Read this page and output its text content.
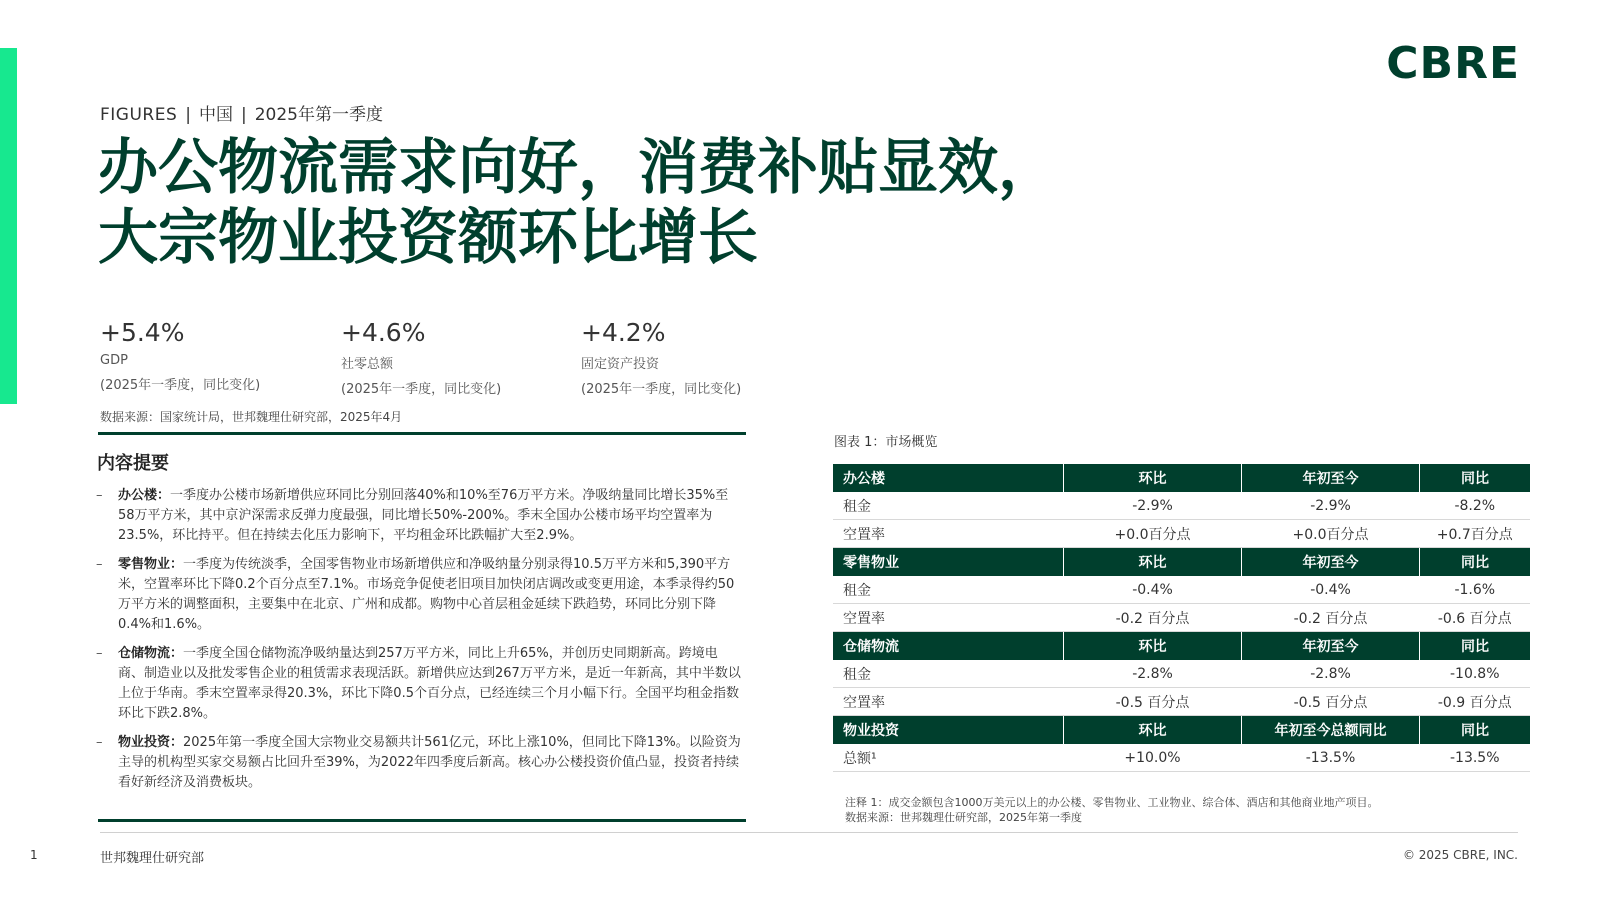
CBRE
FIGURES | 中国 | 2025年第一季度
办公物流需求向好，消费补贴显效，
大宗物业投资额环比增长
+5.4%
GDP
(2025年一季度，同比变化)
+4.6%
社零总额
(2025年一季度，同比变化)
+4.2%
固定资产投资
(2025年一季度，同比变化)
数据来源：国家统计局，世邦魏理仕研究部，2025年4月
内容提要
– 办公楼：一季度办公楼市场新增供应环同比分别回落40%和10%至76万平方米。净吸纳量同比增长35%至58万平方米，其中京沪深需求反弹力度最强，同比增长50%-200%。季末全国办公楼市场平均空置率为23.5%，环比持平。但在持续去化压力影响下，平均租金环比跌幅扩大至2.9%。
– 零售物业：一季度为传统淡季，全国零售物业市场新增供应和净吸纳量分别录得10.5万平方米和5,390平方米，空置率环比下降0.2个百分点至7.1%。市场竞争促使老旧项目加快闭店调改或变更用途，本季录得约50万平方米的调整面积，主要集中在北京、广州和成都。购物中心首层租金延续下跌趋势，环同比分别下降0.4%和1.6%。
– 仓储物流：一季度全国仓储物流净吸纳量达到257万平方米，同比上升65%，并创历史同期新高。跨境电商、制造业以及批发零售企业的租赁需求表现活跃。新增供应达到267万平方米，是近一年新高，其中半数以上位于华南。季末空置率录得20.3%，环比下降0.5个百分点，已经连续三个月小幅下行。全国平均租金指数环比下跌2.8%。
– 物业投资：2025年第一季度全国大宗物业交易额共计561亿元，环比上涨10%，但同比下降13%。以险资为主导的机构型买家交易额占比回升至39%，为2022年四季度后新高。核心办公楼投资价值凸显，投资者持续看好新经济及消费板块。
图表 1：市场概览
办公楼	环比	年初至今	同比
租金	-2.9%	-2.9%	-8.2%
空置率	+0.0百分点	+0.0百分点	+0.7百分点
零售物业	环比	年初至今	同比
租金	-0.4%	-0.4%	-1.6%
空置率	-0.2 百分点	-0.2 百分点	-0.6 百分点
仓储物流	环比	年初至今	同比
租金	-2.8%	-2.8%	-10.8%
空置率	-0.5 百分点	-0.5 百分点	-0.9 百分点
物业投资	环比	年初至今总额同比	同比
总额¹	+10.0%	-13.5%	-13.5%
注释 1：成交金额包含1000万美元以上的办公楼、零售物业、工业物业、综合体、酒店和其他商业地产项目。
数据来源：世邦魏理仕研究部，2025年第一季度
1	世邦魏理仕研究部	© 2025 CBRE, INC.
